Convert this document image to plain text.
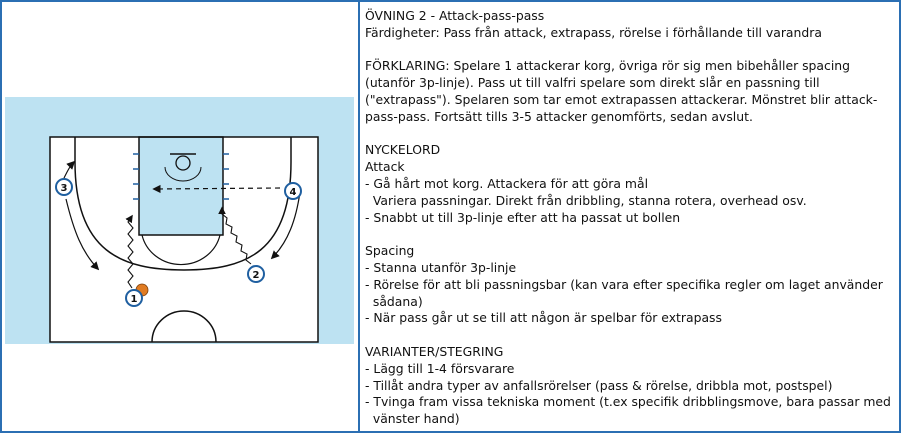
1
2
3	4

ÖVNING 2 - Attack-pass-pass

Färdigheter: Pass från attack, extrapass, rörelse i förhållande till varandra

FÖRKLARING: Spelare 1 attackerar korg, övriga rör sig men bibehåller spacing

(utanför 3p-linje). Pass ut till valfri spelare som direkt slår en passning till

("extrapass"). Spelaren som tar emot extrapassen attackerar. Mönstret blir attack-

pass-pass. Fortsätt tills 3-5 attacker genomförts, sedan avslut.

NYCKELORD

Attack

- Gå hårt mot korg. Attackera för att göra mål

Variera passningar. Direkt från dribbling, stanna rotera, overhead osv.

- Snabbt ut till 3p-linje efter att ha passat ut bollen

Spacing

- Stanna utanför 3p-linje

- Rörelse för att bli passningsbar (kan vara efter specifika regler om laget använder

sådana)

- När pass går ut se till att någon är spelbar för extrapass

VARIANTER/STEGRING

- Lägg till 1-4 försvarare

- Tillåt andra typer av anfallsrörelser (pass & rörelse, dribbla mot, postspel)

- Tvinga fram vissa tekniska moment (t.ex specifik dribblingsmove, bara passar med

vänster hand)
